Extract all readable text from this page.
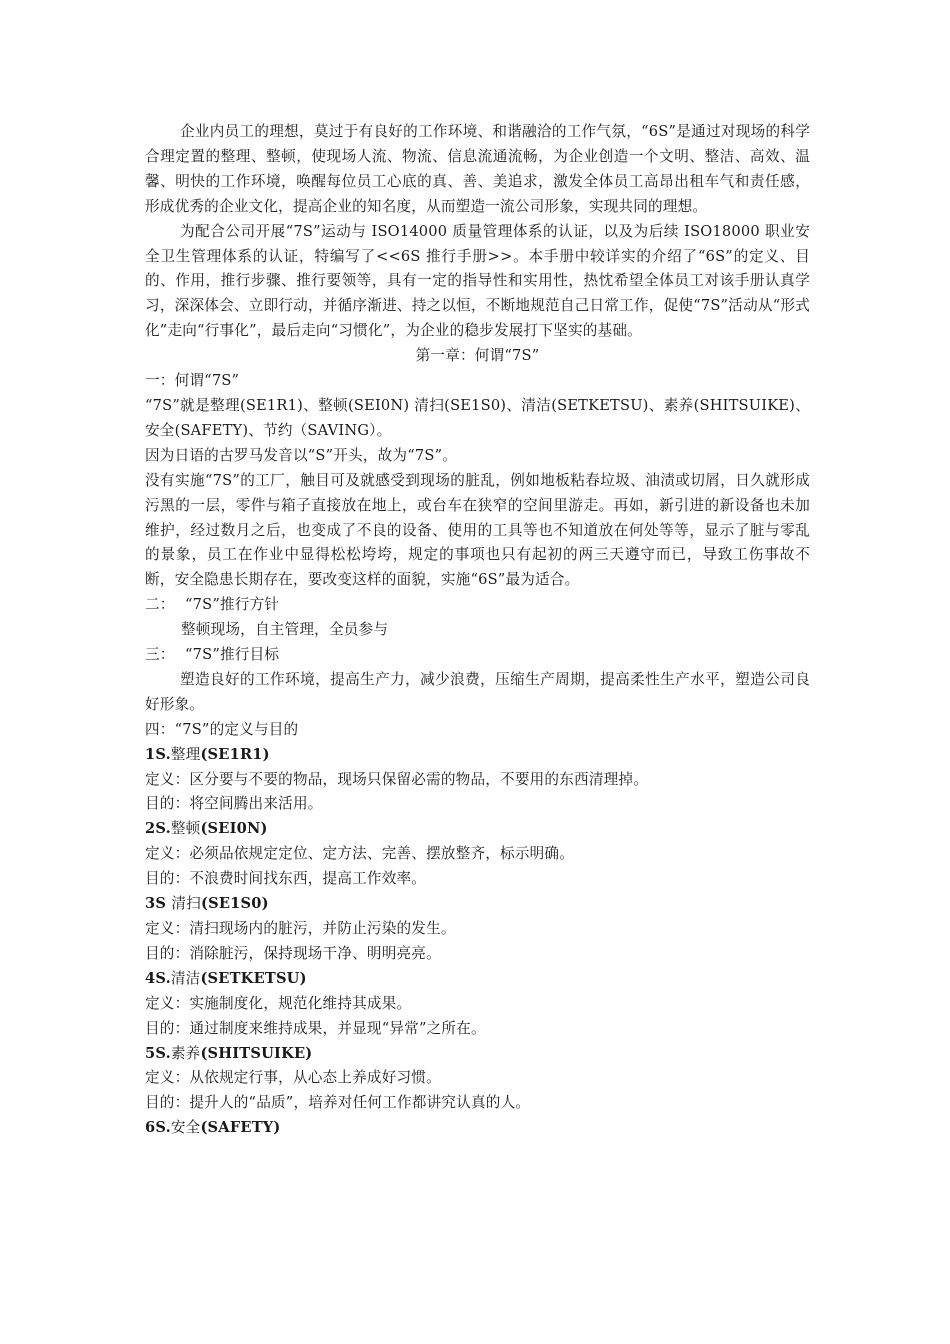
企业内员工的理想，莫过于有良好的工作环境、和谐融洽的工作气氛，“6S”是通过对现场的科学合理定置的整理、整顿，使现场人流、物流、信息流通流畅，为企业创造一个文明、整洁、高效、温馨、明快的工作环境，唤醒每位员工心底的真、善、美追求，激发全体员工高昂出租车气和责任感，形成优秀的企业文化，提高企业的知名度，从而塑造一流公司形象，实现共同的理想。

为配合公司开展“7S”运动与 ISO14000 质量管理体系的认证，以及为后续 ISO18000 职业安全卫生管理体系的认证，特编写了<<6S 推行手册>>。本手册中较详实的介绍了“6S”的定义、目的、作用，推行步骤、推行要领等，具有一定的指导性和实用性，热忱希望全体员工对该手册认真学习，深深体会、立即行动，并循序渐进、持之以恒，不断地规范自己日常工作，促使“7S”活动从“形式化”走向“行事化”，最后走向“习惯化”，为企业的稳步发展打下坚实的基础。

第一章：何谓“7S”

一：何谓“7S”

“7S”就是整理(SE1R1)、整顿(SEI0N) 清扫(SE1S0)、清洁(SETKETSU)、素养(SHITSUIKE)、安全(SAFETY)、节约（SAVING）。

因为日语的古罗马发音以“S”开头，故为“7S”。

没有实施“7S”的工厂，触目可及就感受到现场的脏乱，例如地板粘春垃圾、油渍或切屑，日久就形成污黑的一层，零件与箱子直接放在地上，或台车在狭窄的空间里游走。再如，新引进的新设备也未加维护，经过数月之后，也变成了不良的设备、使用的工具等也不知道放在何处等等，显示了脏与零乱的景象，员工在作业中显得松松垮垮，规定的事项也只有起初的两三天遵守而已，导致工伤事故不断，安全隐患长期存在，要改变这样的面貌，实施“6S”最为适合。

二： “7S”推行方针

整顿现场，自主管理，全员参与

三： “7S”推行目标

塑造良好的工作环境，提高生产力，减少浪费，压缩生产周期，提高柔性生产水平，塑造公司良好形象。

四：“7S”的定义与目的

1S.整理(SE1R1)

定义：区分要与不要的物品，现场只保留必需的物品，不要用的东西清理掉。

目的：将空间腾出来活用。

2S.整顿(SEI0N)

定义：必须品依规定定位、定方法、完善、摆放整齐，标示明确。

目的：不浪费时间找东西，提高工作效率。

3S 清扫(SE1S0)

定义：清扫现场内的脏污，并防止污染的发生。

目的：消除脏污，保持现场干净、明明亮亮。

4S.清洁(SETKETSU)

定义：实施制度化，规范化维持其成果。

目的：通过制度来维持成果，并显现“异常”之所在。

5S.素养(SHITSUIKE)

定义：从依规定行事，从心态上养成好习惯。

目的：提升人的“品质”，培养对任何工作都讲究认真的人。

6S.安全(SAFETY)
